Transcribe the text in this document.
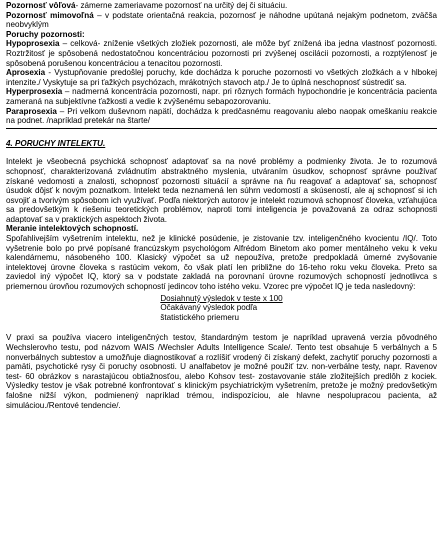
Pozornosť vôľová- zámerne zameriavame pozornosť na určitý dej či situáciu.

Pozornosť mimovoľná – v podstate orientačná reakcia, pozornosť je náhodne upútaná nejakým podnetom, zväčša neobvyklým

Poruchy pozornosti:

Hypoprosexia – celková- zníženie všetkých zložiek pozornosti, ale môže byť znížená iba jedna vlastnosť pozornosti. Roztržitosť je spôsobená nedostatočnou koncentráciou pozornosti pri zvýšenej oscilácii pozornosti, a rozptýlenosť je spôsobená porušenou koncentráciou a tenacitou pozornosti.

Aprosexia - Vystupňovanie predošlej poruchy, kde dochádza k poruche pozornosti vo všetkých zložkách a v hlbokej intenzite./ Vyskytuje sa pri ťažkých psychózach, mrákotných stavoch atp./ Je to úplná neschopnosť sústrediť sa.

Hyperprosexia – nadmerná koncentrácia pozornosti, napr. pri rôznych formách hypochondrie je koncentrácia pacienta zameraná na subjektívne ťažkosti a vedie k zvýšenému sebapozorovaniu.

Paraprosexia – Pri velkom duševnom napätí, dochádza k predčasnému reagovaniu alebo naopak omeškaniu reakcie na podnet. /napríklad pretekár na štarte/

4. PORUCHY INTELEKTU.

Intelekt je všeobecná psychická schopnosť adaptovať sa na nové problémy a podmienky života. Je to rozumová schopnosť, charakterizovaná zvládnutím abstraktného myslenia, utváraním úsudkov, schopnosť správne používať získané vedomosti a znalosti, schopnosť pozornosti situácií a správne na ňu reagovať a adaptovať sa, schopnosť úsudok dôjsť k novým poznatkom. Intelekt teda neznamená len súhrn vedomostí a skúseností, ale aj schopnosť si ich osvojiť a tvorivým spôsobom ich využívať. Podľa niektorých autorov je intelekt rozumová schopnosť človeka, vzťahujúca sa predovšetkým k riešeniu teoretických problémov, naproti tomi inteligencia je považovaná za odraz schopnosti adaptovať sa v praktických aspektoch života.

Meranie intelektových schopností.

Spoľahlivejším vyšetrením intelektu, než je klinické posúdenie, je zistovanie tzv. inteligenčného kvocientu /IQ/. Toto vyšetrenie bolo po prvé popísané francúzskym psychológom Alfrédom Binetom ako pomer mentálneho veku k veku kalendárnemu, násobeného 100. Klasický výpočet sa už nepoužíva, pretože predpokladá úmerné zvyšovanie intelektovej úrovne človeka s rastúcim vekom, čo však platí len približne do 16-teho roku veku človeka. Preto sa zaviedol iný výpočet IQ, ktorý sa v podstate zakladá na porovnaní úrovne rozumových schopností jednotlivca s priemernou úrovňou rozumových schopností jedincov toho istého veku. Vzorec pre výpočet IQ je teda nasledovný:

Dosiahnutý výsledok v teste x 100
Očakávaný výsledok podľa
štatistického priemeru

V praxi sa používa viacero inteligenčných testov, štandardným testom je napríklad upravená verzia pôvodného Wechslerovho testu, pod názvom WAIS /Wechsler Adults Intelligence Scale/. Tento test obsahuje 5 verbálnych a 5 nonverbálnych subtestov a umožňuje diagnostikovať a rozlíšiť vrodený či získaný defekt, zachytiť poruchy pozornosti a pamäti, psychotické rysy či poruchy osobnosti. U analfabetov je možné použiť tzv. non-verbálne testy, napr. Ravenov test- 60 obrázkov s narastajúcou obtiažnosťou, alebo Kohsov test- zostavovanie stále zložitejších predlôh z kociek. Výsledky testov je však potrebné konfrontovať s klinickým psychiatrickým vyšetrením, pretože je možný predovšetkým falošne nižší výkon, podmienený napríklad trémou, indispozíciou, ale hlavne nespolupracou pacienta, až simuláciou./Rentové tendencie/.
